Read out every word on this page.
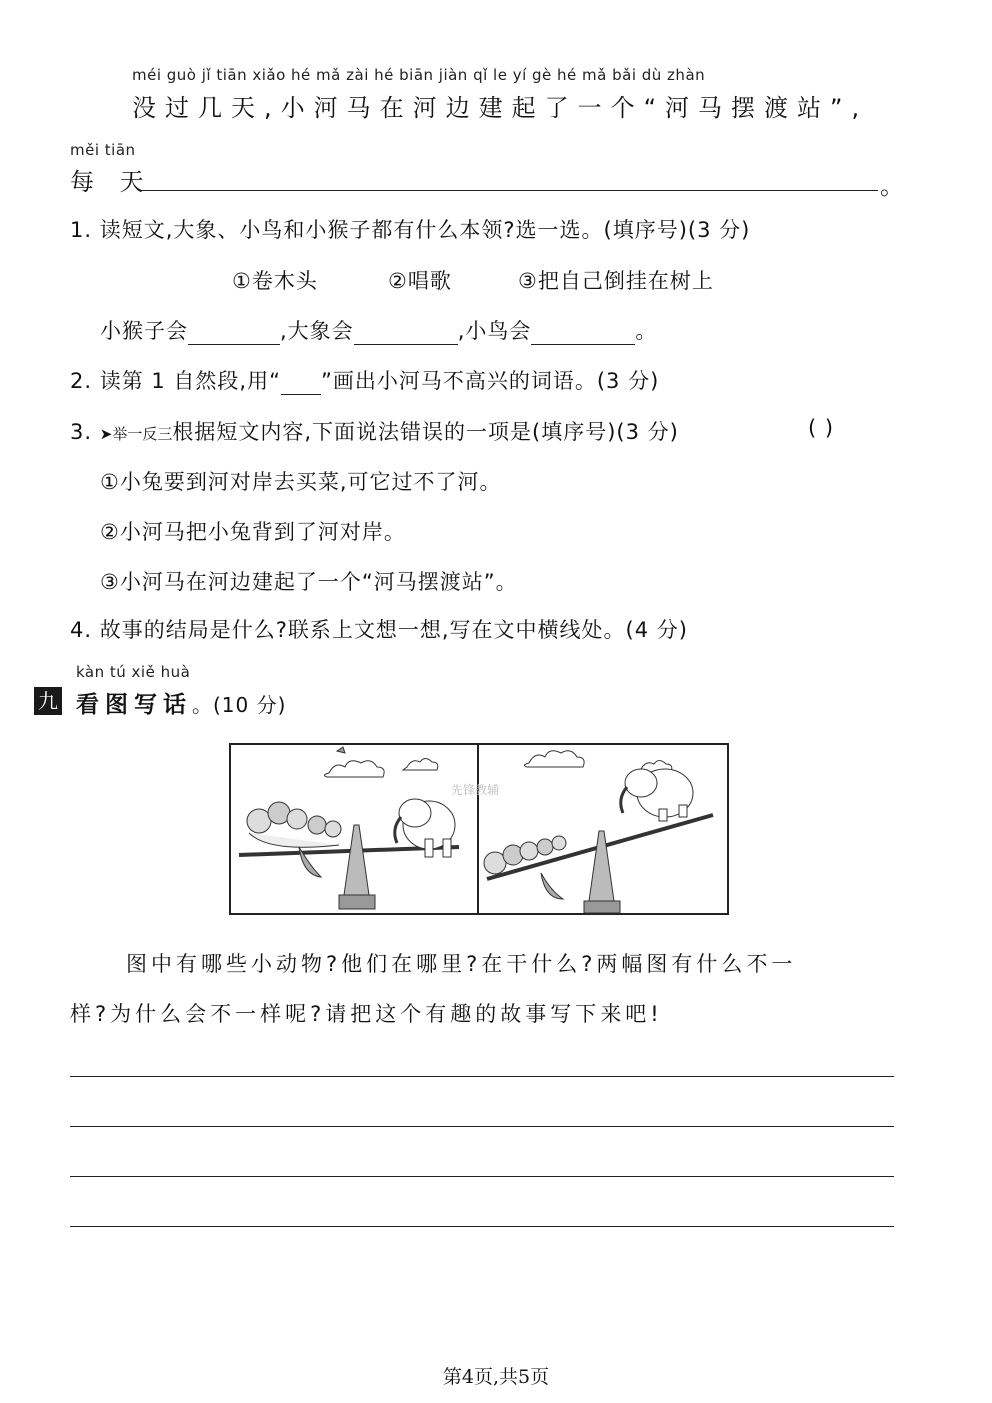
méi guò jǐ tiān xiǎo hé mǎ zài hé biān jiàn qǐ le yí gè hé mǎ bǎi dù zhàn
没过几天,小河马在河边建起了一个“河马摆渡站”,
měi tiān
每 天	。
1. 读短文,大象、小鸟和小猴子都有什么本领?选一选。(填序号)(3 分)
①卷木头	②唱歌	③把自己倒挂在树上
小猴子会	,大象会	,小鸟会	。
2. 读第 1 自然段,用“ ”画出小河马不高兴的词语。(3 分)
3. ➤举一反三根据短文内容,下面说法错误的一项是(填序号)(3 分)	( )
①小兔要到河对岸去买菜,可它过不了河。
②小河马把小兔背到了河对岸。
③小河马在河边建起了一个“河马摆渡站”。
4. 故事的结局是什么?联系上文想一想,写在文中横线处。(4 分)
kàn tú xiě huà
九 看图写话。(10 分)
先锋教辅
图中有哪些小动物?他们在哪里?在干什么?两幅图有什么不一
样?为什么会不一样呢?请把这个有趣的故事写下来吧!
第4页,共5页
